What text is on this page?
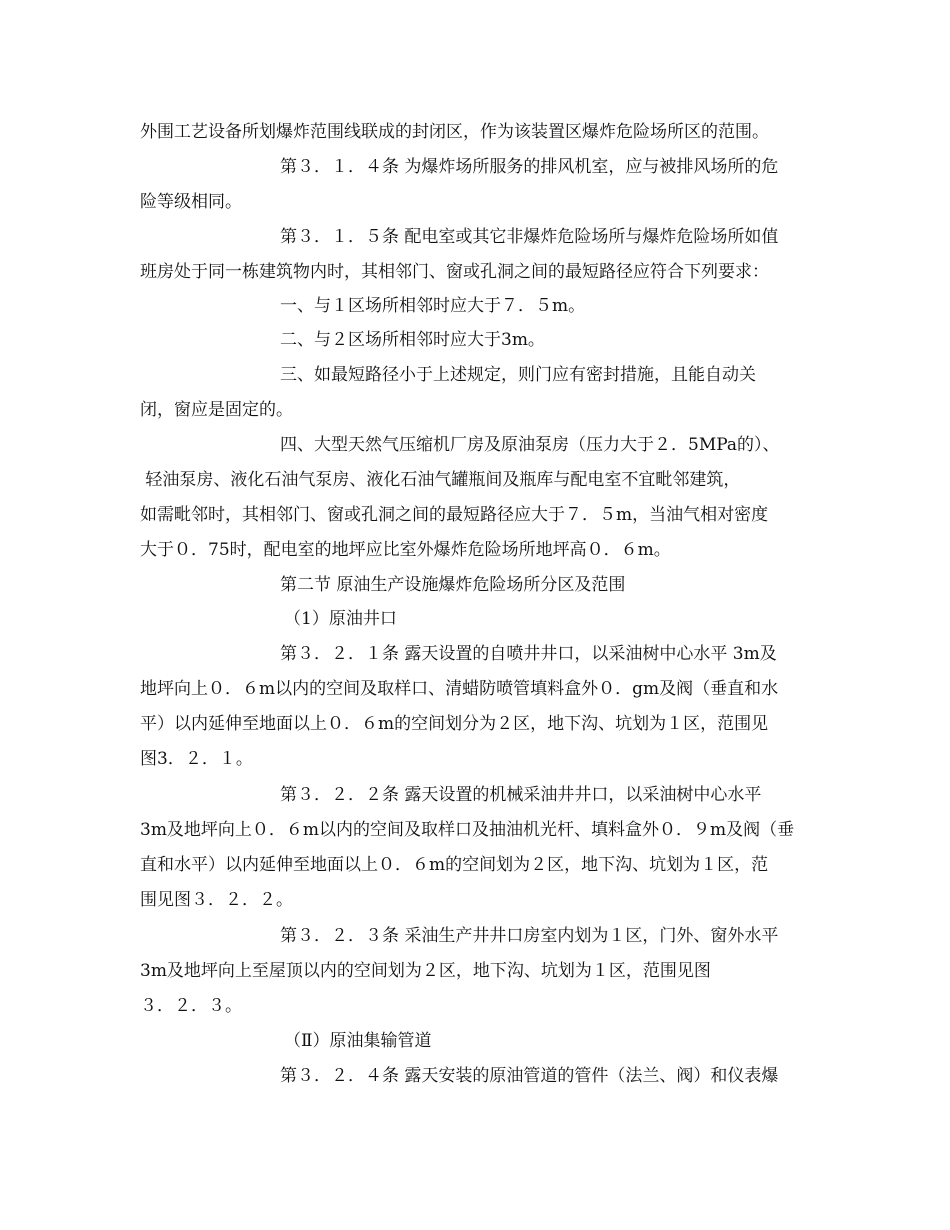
外围工艺设备所划爆炸范围线联成的封闭区，作为该装置区爆炸危险场所区的范围。
第３．１．４条 为爆炸场所服务的排风机室，应与被排风场所的危
险等级相同。
第３．１．５条 配电室或其它非爆炸危险场所与爆炸危险场所如值
班房处于同一栋建筑物内时，其相邻门、窗或孔洞之间的最短路径应符合下列要求：
一、与１区场所相邻时应大于７．５m。
二、与２区场所相邻时应大于3m。
三、如最短路径小于上述规定，则门应有密封措施，且能自动关
闭，窗应是固定的。
四、大型天然气压缩机厂房及原油泵房（压力大于２．5MPa的）、
轻油泵房、液化石油气泵房、液化石油气罐瓶间及瓶库与配电室不宜毗邻建筑，
如需毗邻时，其相邻门、窗或孔洞之间的最短路径应大于７．５m，当油气相对密度
大于０．75时，配电室的地坪应比室外爆炸危险场所地坪高０．６m。
第二节 原油生产设施爆炸危险场所分区及范围
（1）原油井口
第３．２．１条 露天设置的自喷井井口，以采油树中心水平 3m及
地坪向上０．６m以内的空间及取样口、清蜡防喷管填料盒外０．gm及阀（垂直和水
平）以内延伸至地面以上０．６m的空间划分为２区，地下沟、坑划为１区，范围见
图3．２．１。
第３．２．２条 露天设置的机械采油井井口，以采油树中心水平
3m及地坪向上０．６m以内的空间及取样口及抽油机光杆、填料盒外０．９m及阀（垂
直和水平）以内延伸至地面以上０．６m的空间划为２区，地下沟、坑划为１区，范
围见图３．２．２。
第３．２．３条 采油生产井井口房室内划为１区，门外、窗外水平
3m及地坪向上至屋顶以内的空间划为２区，地下沟、坑划为１区，范围见图
３．２．３。
（Ⅱ）原油集输管道
第３．２．４条 露天安装的原油管道的管件（法兰、阀）和仪表爆
